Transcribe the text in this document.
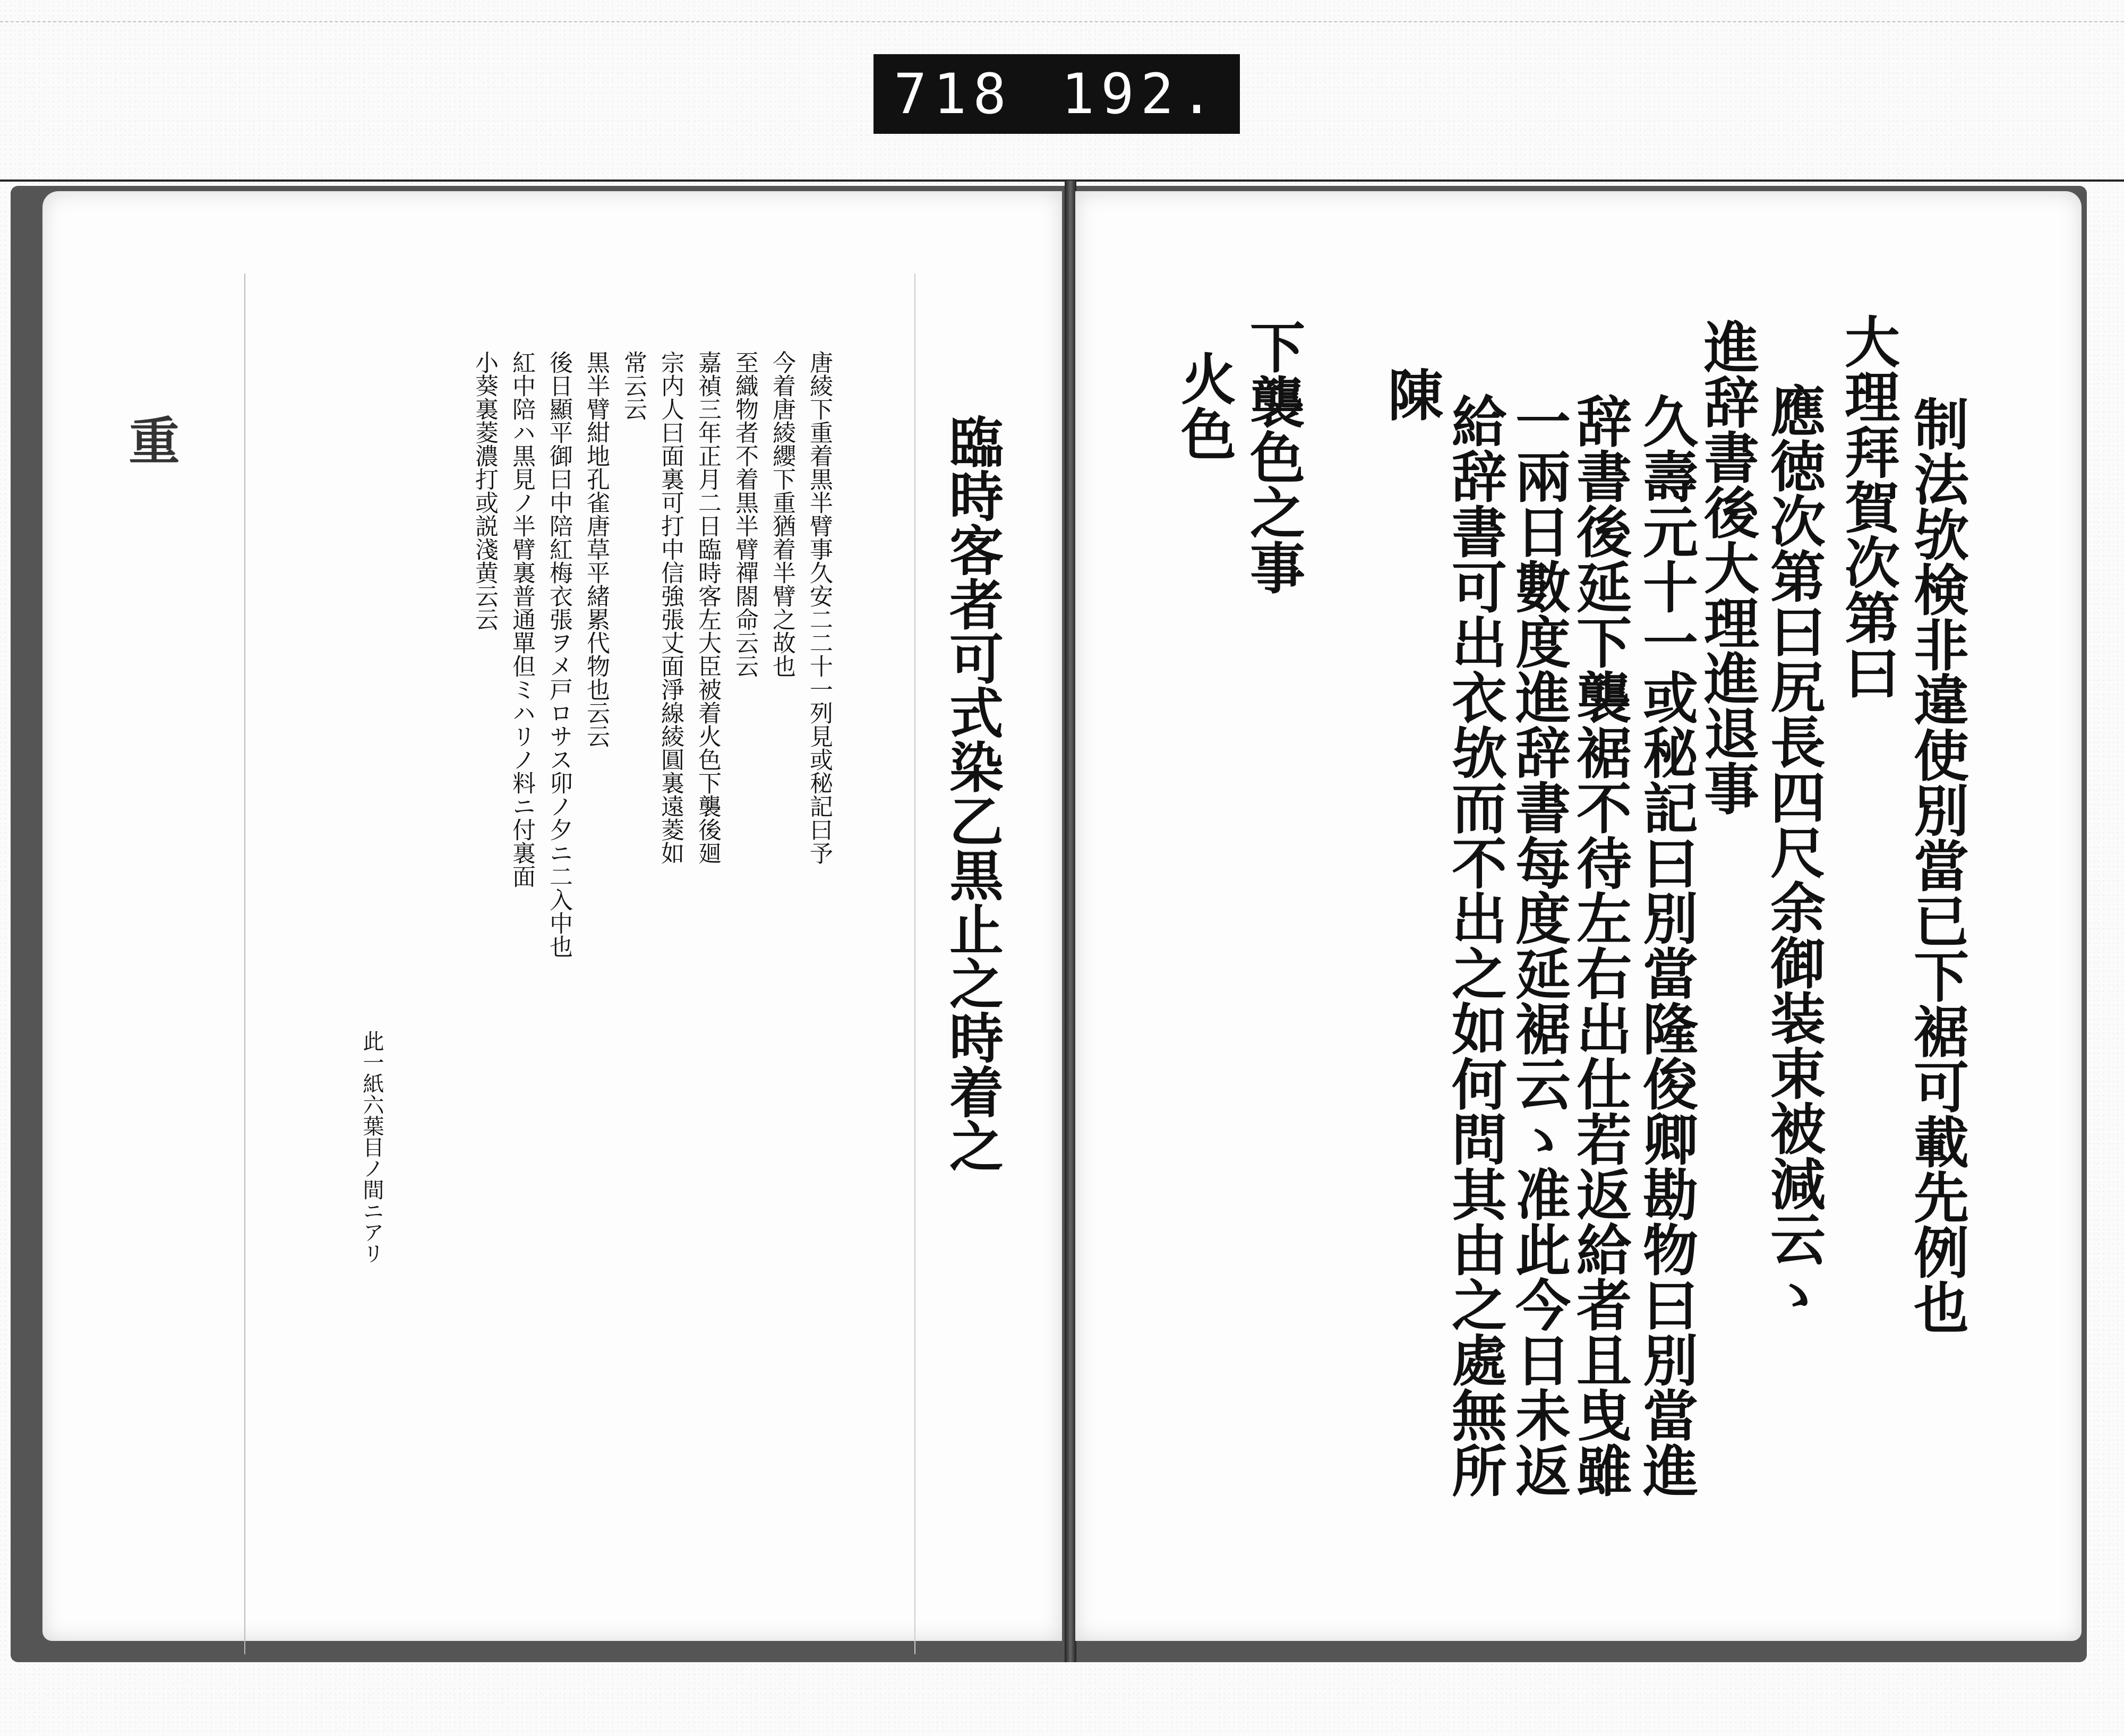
718 192.
重	臨時客者可式染乙黒止之時着之
唐綾下重着黒半臂事久安二二十一列見或秘記曰予
今着唐綾纓下重猶着半臂之故也
至織物者不着黒半臂禪閤命云云
嘉禎三年正月二日臨時客左大臣被着火色下襲後廻
宗内人曰面裏可打中信強張丈面淨線綾圓裏遠菱如
常云云
黒半臂紺地孔雀唐草平緒累代物也云云
後日顯平御曰中陪紅梅衣張ヲメ戸ロサス卯ノ夕ニ二入中也
紅中陪ハ黒見ノ半臂裏普通單但ミハリノ料ニ付裏面
小葵裏菱濃打或説淺黄云云
此一紙六葉目ノ間ニアリ	制法欤検非違使別當已下裾可載先例也
大理拜賀次第曰
應徳次第曰尻長四尺余御装束被減云ゝ
進辞書後大理進退事
久壽元十一或秘記曰別當隆俊卿勘物曰別當進
辞書後延下襲裾不待左右出仕若返給者且曳雖
一兩日數度進辞書每度延裾云ゝ准此今日未返
給辞書可出衣欤而不出之如何問其由之處無所
陳
下襲色之事
火色
